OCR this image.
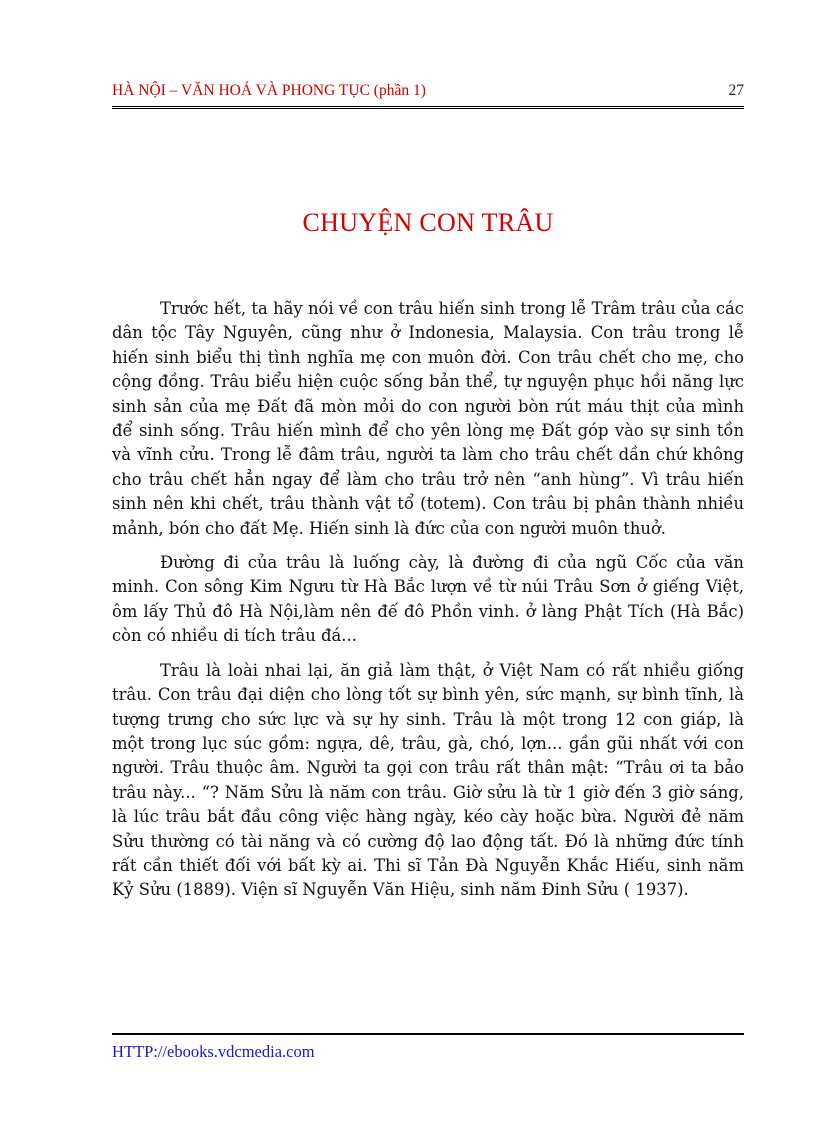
HÀ NỘI – VĂN HOÁ VÀ PHONG TỤC (phần 1)	27
CHUYỆN CON TRÂU

Trước hết, ta hãy nói về con trâu hiến sinh trong lễ Trâm trâu của các dân tộc Tây Nguyên, cũng như ở Indonesia, Malaysia. Con trâu trong lễ hiến sinh biểu thị tình nghĩa mẹ con muôn đời. Con trâu chết cho mẹ, cho cộng đồng. Trâu biểu hiện cuộc sống bản thể, tự nguyện phục hồi năng lực sinh sản của mẹ Đất đã mòn mỏi do con người bòn rút máu thịt của mình để sinh sống. Trâu hiến mình để cho yên lòng mẹ Đất góp vào sự sinh tồn và vĩnh cửu. Trong lễ đâm trâu, người ta làm cho trâu chết dần chứ không cho trâu chết hẳn ngay để làm cho trâu trở nên “anh hùng”. Vì trâu hiến sinh nên khi chết, trâu thành vật tổ (totem). Con trâu bị phân thành nhiều mảnh, bón cho đất Mẹ. Hiến sinh là đức của con người muôn thuở.

Đường đi của trâu là luống cày, là đường đi của ngũ Cốc của văn minh. Con sông Kim Ngưu từ Hà Bắc lượn về từ núi Trâu Sơn ở giếng Việt, ôm lấy Thủ đô Hà Nội,làm nên đế đô Phồn vinh. ở làng Phật Tích (Hà Bắc) còn có nhiều di tích trâu đá...

Trâu là loài nhai lại, ăn giả làm thật, ở Việt Nam có rất nhiều giống trâu. Con trâu đại diện cho lòng tốt sự bình yên, sức mạnh, sự bình tĩnh, là tượng trưng cho sức lực và sự hy sinh. Trâu là một trong 12 con giáp, là một trong lục súc gồm: ngựa, dê, trâu, gà, chó, lợn... gần gũi nhất với con người. Trâu thuộc âm. Người ta gọi con trâu rất thân mật: “Trâu ơi ta bảo trâu này... “? Năm Sửu là năm con trâu. Giờ sửu là từ 1 giờ đến 3 giờ sáng, là lúc trâu bắt đầu công việc hàng ngày, kéo cày hoặc bừa. Người đẻ năm Sửu thường có tài năng và có cường độ lao động tất. Đó là những đức tính rất cần thiết đối với bất kỳ ai. Thi sĩ Tản Đà Nguyễn Khắc Hiếu, sinh năm Kỷ Sửu (1889). Viện sĩ Nguyễn Văn Hiệu, sinh năm Đinh Sửu ( 1937).

HTTP://ebooks.vdcmedia.com
